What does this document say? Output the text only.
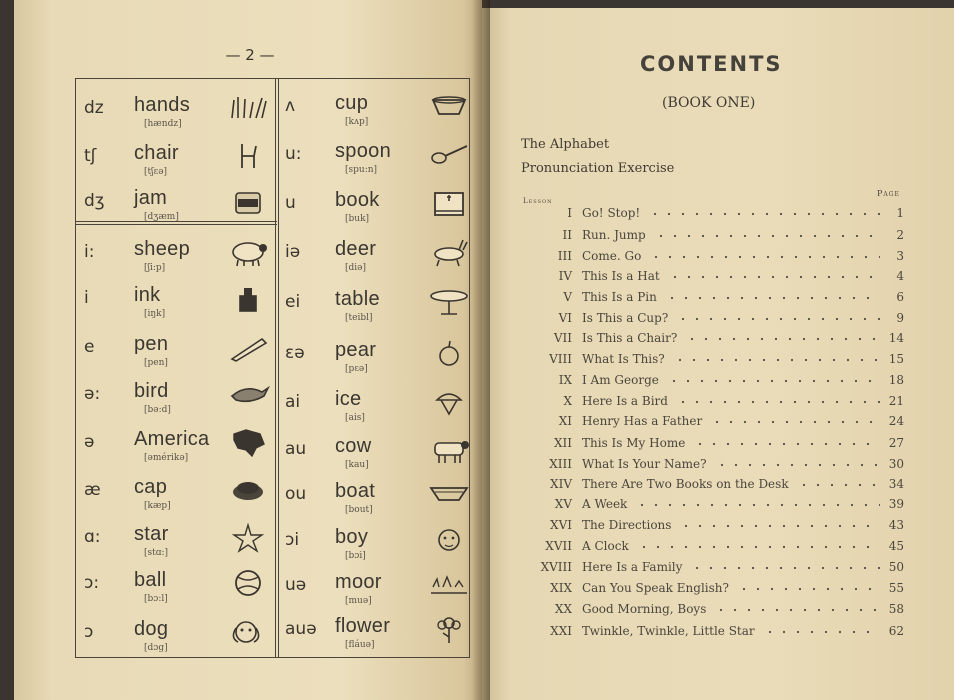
— 2 —
dz	hands
[hændz]
tʃ	chair
[tʃɛə]
dʒ	jam
[dʒæm]
i:	sheep
[ʃi:p]
i	ink
[iŋk]
e	pen
[pen]
ə:	bird
[bə:d]
ə	America
[əmérikə]
æ	cap
[kæp]
ɑ:	star
[stɑ:]
ɔ:	ball
[bɔ:l]
ɔ	dog
[dɔg]
ʌ	cup
[kʌp]
u:	spoon
[spu:n]
u	book
[buk]
iə	deer
[diə]
ei	table
[teibl]
ɛə	pear
[pɛə]
ai	ice
[ais]
au	cow
[kau]
ou	boat
[bout]
ɔi	boy
[bɔi]
uə	moor
[muə]
auə flower
[fláuə]
CONTENTS
(BOOK ONE)
The Alphabet
Pronunciation Exercise
Lesson
Page
I Go! Stop!	1
II Run. Jump	2
III Come. Go	3
IV This Is a Hat	4
V This Is a Pin	6
VI Is This a Cup?	9
VII Is This a Chair?	14
VIII What Is This?	15
IX I Am George	18
X Here Is a Bird	21
XI Henry Has a Father	24
XII This Is My Home	27
XIII What Is Your Name?	30
XIV There Are Two Books on the Desk	34
XV A Week	39
XVI The Directions	43
XVII A Clock	45
XVIII Here Is a Family	50
XIX Can You Speak English?	55
XX Good Morning, Boys	58
XXI Twinkle, Twinkle, Little Star	62
